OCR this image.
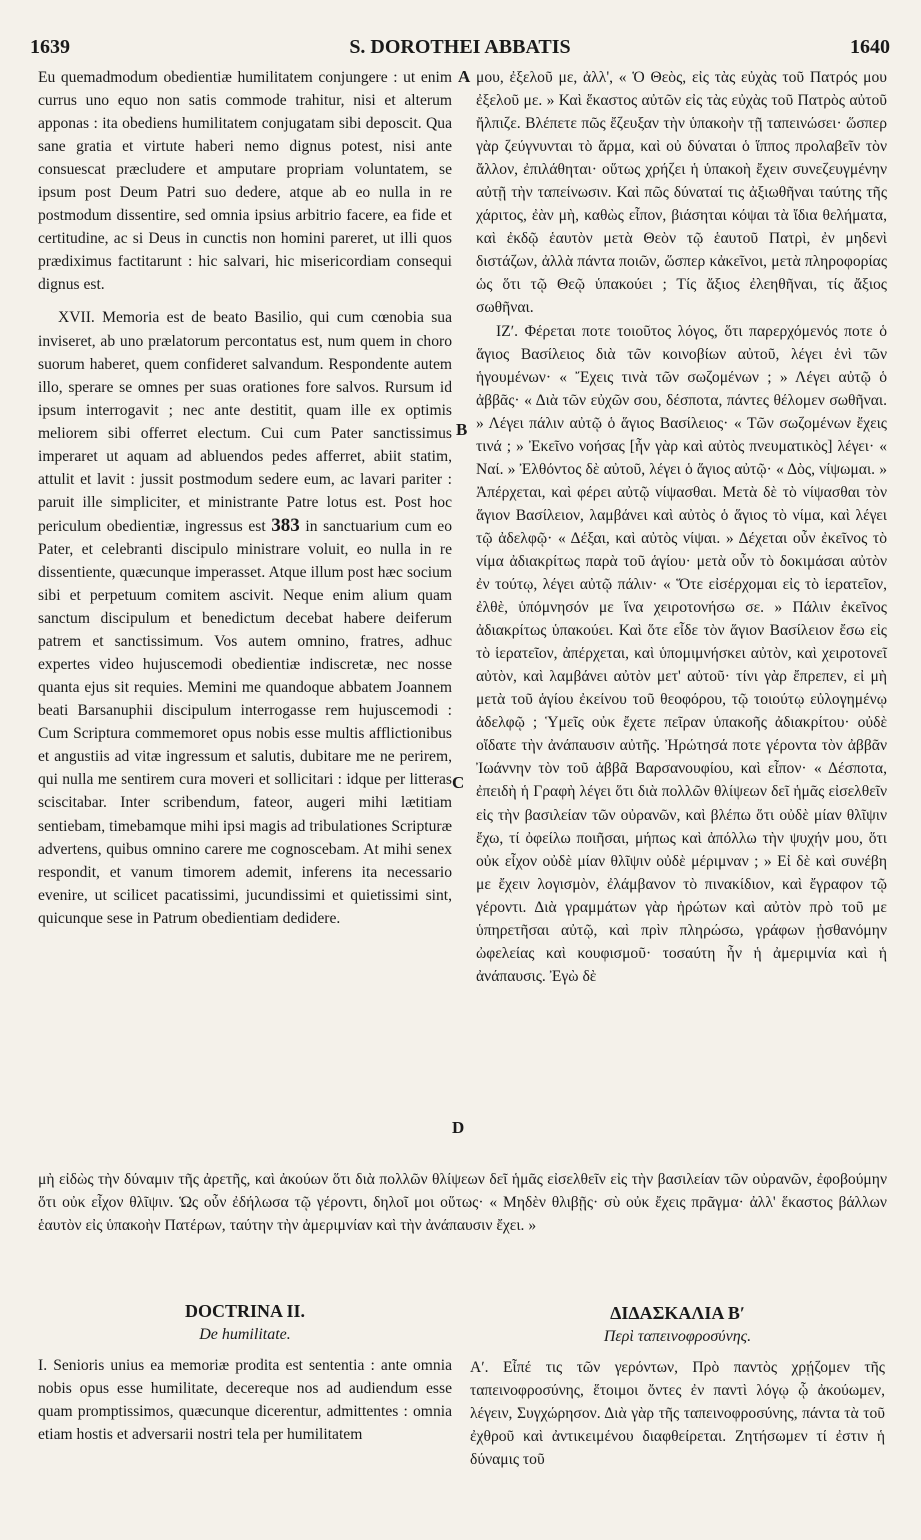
1639	S. DOROTHEI ABBATIS	1640
A
B
C
D

Eu quemadmodum obedientiæ humilitatem conjungere : ut enim currus uno equo non satis commode trahitur, nisi et alterum apponas : ita obediens humilitatem conjugatam sibi deposcit. Qua sane gratia et virtute haberi nemo dignus potest, nisi ante consuescat præcludere et amputare propriam voluntatem, se ipsum post Deum Patri suo dedere, atque ab eo nulla in re postmodum dissentire, sed omnia ipsius arbitrio facere, ea fide et certitudine, ac si Deus in cunctis non homini pareret, ut illi quos prædiximus factitarunt : hic salvari, hic misericordiam consequi dignus est.

XVII. Memoria est de beato Basilio, qui cum cœnobia sua inviseret, ab uno prælatorum percontatus est, num quem in choro suorum haberet, quem confideret salvandum. Respondente autem illo, sperare se omnes per suas orationes fore salvos. Rursum id ipsum interrogavit ; nec ante destitit, quam ille ex optimis meliorem sibi offerret electum. Cui cum Pater sanctissimus imperaret ut aquam ad abluendos pedes afferret, abiit statim, attulit et lavit : jussit postmodum sedere eum, ac lavari pariter : paruit ille simpliciter, et ministrante Patre lotus est. Post hoc periculum obedientiæ, ingressus est 383 in sanctuarium cum eo Pater, et celebranti discipulo ministrare voluit, eo nulla in re dissentiente, quæcunque imperasset. Atque illum post hæc socium sibi et perpetuum comitem ascivit. Neque enim alium quam sanctum discipulum et benedictum decebat habere deiferum patrem et sanctissimum. Vos autem omnino, fratres, adhuc expertes video hujuscemodi obedientiæ indiscretæ, nec nosse quanta ejus sit requies. Memini me quandoque abbatem Joannem beati Barsanuphii discipulum interrogasse rem hujuscemodi : Cum Scriptura commemoret opus nobis esse multis afflictionibus et angustiis ad vitæ ingressum et salutis, dubitare me ne perirem, qui nulla me sentirem cura moveri et sollicitari : idque per litteras sciscitabar. Inter scribendum, fateor, augeri mihi lætitiam sentiebam, timebamque mihi ipsi magis ad tribulationes Scripturæ advertens, quibus omnino carere me cognoscebam. At mihi senex respondit, et vanum timorem ademit, inferens ita necessario evenire, ut scilicet pacatissimi, jucundissimi et quietissimi sint, quicunque sese in Patrum obedientiam dedidere.

μου, ἐξελοῦ με, ἀλλ', « Ὁ Θεὸς, εἰς τὰς εὐχὰς τοῦ Πατρός μου ἐξελοῦ με. » Καὶ ἕκαστος αὐτῶν εἰς τὰς εὐχὰς τοῦ Πατρὸς αὐτοῦ ἤλπιζε. Βλέπετε πῶς ἔζευξαν τὴν ὑπακοὴν τῇ ταπεινώσει· ὥσπερ γὰρ ζεύγνυνται τὸ ἅρμα, καὶ οὐ δύναται ὁ ἵππος προλαβεῖν τὸν ἄλλον, ἐπιλάθηται· οὕτως χρήζει ἡ ὑπακοὴ ἔχειν συνεζευγμένην αὐτῇ τὴν ταπείνωσιν. Καὶ πῶς δύναταί τις ἀξιωθῆναι ταύτης τῆς χάριτος, ἐὰν μὴ, καθὼς εἶπον, βιάσηται κόψαι τὰ ἴδια θελήματα, καὶ ἐκδῷ ἑαυτὸν μετὰ Θεὸν τῷ ἑαυτοῦ Πατρὶ, ἐν μηδενὶ διστάζων, ἀλλὰ πάντα ποιῶν, ὥσπερ κἀκεῖνοι, μετὰ πληροφορίας ὡς ὅτι τῷ Θεῷ ὑπακούει ; Τίς ἄξιος ἐλεηθῆναι, τίς ἄξιος σωθῆναι.

ΙΖʹ. Φέρεται ποτε τοιοῦτος λόγος, ὅτι παρερχόμενός ποτε ὁ ἅγιος Βασίλειος διὰ τῶν κοινοβίων αὐτοῦ, λέγει ἑνὶ τῶν ἡγουμένων· « Ἔχεις τινὰ τῶν σωζομένων ; » Λέγει αὐτῷ ὁ ἀββᾶς· « Διὰ τῶν εὐχῶν σου, δέσποτα, πάντες θέλομεν σωθῆναι. » Λέγει πάλιν αὐτῷ ὁ ἅγιος Βασίλειος· « Τῶν σωζομένων ἔχεις τινά ; » Ἐκεῖνο νοήσας [ἦν γὰρ καὶ αὐτὸς πνευματικὸς] λέγει· « Ναί. » Ἐλθόντος δὲ αὐτοῦ, λέγει ὁ ἅγιος αὐτῷ· « Δὸς, νίψωμαι. » Ἀπέρχεται, καὶ φέρει αὐτῷ νίψασθαι. Μετὰ δὲ τὸ νίψασθαι τὸν ἅγιον Βασίλειον, λαμβάνει καὶ αὐτὸς ὁ ἅγιος τὸ νίμα, καὶ λέγει τῷ ἀδελφῷ· « Δέξαι, καὶ αὐτὸς νίψαι. » Δέχεται οὖν ἐκεῖνος τὸ νίμα ἀδιακρίτως παρὰ τοῦ ἁγίου· μετὰ οὖν τὸ δοκιμάσαι αὐτὸν ἐν τούτῳ, λέγει αὐτῷ πάλιν· « Ὅτε εἰσέρχομαι εἰς τὸ ἱερατεῖον, ἐλθὲ, ὑπόμνησόν με ἵνα χειροτονήσω σε. » Πάλιν ἐκεῖνος ἀδιακρίτως ὑπακούει. Καὶ ὅτε εἶδε τὸν ἅγιον Βασίλειον ἔσω εἰς τὸ ἱερατεῖον, ἀπέρχεται, καὶ ὑπομιμνήσκει αὐτὸν, καὶ χειροτονεῖ αὐτὸν, καὶ λαμβάνει αὐτὸν μετ' αὐτοῦ· τίνι γὰρ ἔπρεπεν, εἰ μὴ μετὰ τοῦ ἁγίου ἐκείνου τοῦ θεοφόρου, τῷ τοιούτῳ εὐλογημένῳ ἀδελφῷ ; Ὑμεῖς οὐκ ἔχετε πεῖραν ὑπακοῆς ἀδιακρίτου· οὐδὲ οἴδατε τὴν ἀνάπαυσιν αὐτῆς. Ἠρώτησά ποτε γέροντα τὸν ἀββᾶν Ἰωάννην τὸν τοῦ ἀββᾶ Βαρσανουφίου, καὶ εἶπον· « Δέσποτα, ἐπειδὴ ἡ Γραφὴ λέγει ὅτι διὰ πολλῶν θλίψεων δεῖ ἡμᾶς εἰσελθεῖν εἰς τὴν βασιλείαν τῶν οὐρανῶν, καὶ βλέπω ὅτι οὐδὲ μίαν θλῖψιν ἔχω, τί ὀφείλω ποιῆσαι, μήπως καὶ ἀπόλλω τὴν ψυχήν μου, ὅτι οὐκ εἶχον οὐδὲ μίαν θλῖψιν οὐδὲ μέριμναν ; » Εἰ δὲ καὶ συνέβη με ἔχειν λογισμὸν, ἐλάμβανον τὸ πινακίδιον, καὶ ἔγραφον τῷ γέροντι. Διὰ γραμμάτων γὰρ ἠρώτων καὶ αὐτὸν πρὸ τοῦ με ὑπηρετῆσαι αὐτῷ, καὶ πρὶν πληρώσω, γράφων ᾐσθανόμην ὠφελείας καὶ κουφισμοῦ· τοσαύτη ἦν ἡ ἀμεριμνία καὶ ἡ ἀνάπαυσις. Ἐγὼ δὲ

μὴ εἰδὼς τὴν δύναμιν τῆς ἀρετῆς, καὶ ἀκούων ὅτι διὰ πολλῶν θλίψεων δεῖ ἡμᾶς εἰσελθεῖν εἰς τὴν βασιλείαν τῶν οὐρανῶν, ἐφοβούμην ὅτι οὐκ εἶχον θλῖψιν. Ὡς οὖν ἐδήλωσα τῷ γέροντι, δηλοῖ μοι οὕτως· « Μηδὲν θλιβῇς· σὺ οὐκ ἔχεις πρᾶγμα· ἀλλ' ἕκαστος βάλλων ἑαυτὸν εἰς ὑπακοὴν Πατέρων, ταύτην τὴν ἀμεριμνίαν καὶ τὴν ἀνάπαυσιν ἔχει. »
DOCTRINA II.
De humilitate.

I. Senioris unius ea memoriæ prodita est sententia : ante omnia nobis opus esse humilitate, decereque nos ad audiendum esse quam promptissimos, quæcunque dicerentur, admittentes : omnia etiam hostis et adversarii nostri tela per humilitatem

ΔΙΔΑΣΚΑΛΙΑ Βʹ
Περὶ ταπεινοφροσύνης.

Αʹ. Εἶπέ τις τῶν γερόντων, Πρὸ παντὸς χρῄζομεν τῆς ταπεινοφροσύνης, ἕτοιμοι ὄντες ἐν παντὶ λόγῳ ᾧ ἀκούωμεν, λέγειν, Συγχώρησον. Διὰ γὰρ τῆς ταπεινοφροσύνης, πάντα τὰ τοῦ ἐχθροῦ καὶ ἀντικειμένου διαφθείρεται. Ζητήσωμεν τί ἐστιν ἡ δύναμις τοῦ
